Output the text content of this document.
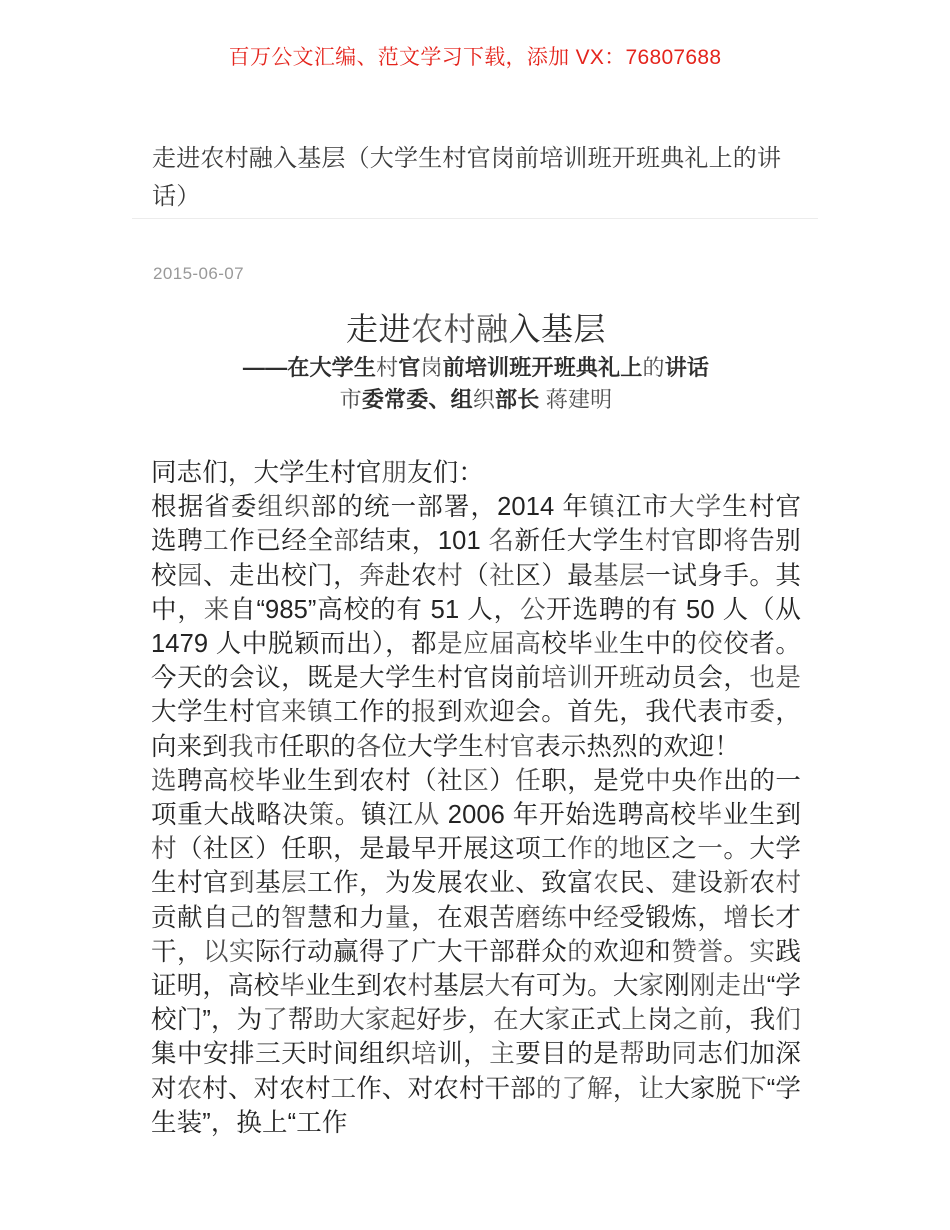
百万公文汇编、范文学习下载，添加 VX：76807688
走进农村融入基层（大学生村官岗前培训班开班典礼上的讲话）
2015-06-07
走进农村融入基层
——在大学生村官岗前培训班开班典礼上的讲话
市委常委、组织部长 蒋建明

同志们，大学生村官朋友们：

根据省委组织部的统一部署，2014 年镇江市大学生村官选聘工作已经全部结束，101 名新任大学生村官即将告别校园、走出校门，奔赴农村（社区）最基层一试身手。其中，来自“985”高校的有 51 人，公开选聘的有 50 人（从 1479 人中脱颖而出），都是应届高校毕业生中的佼佼者。今天的会议，既是大学生村官岗前培训开班动员会，也是大学生村官来镇工作的报到欢迎会。首先，我代表市委，向来到我市任职的各位大学生村官表示热烈的欢迎！

选聘高校毕业生到农村（社区）任职，是党中央作出的一项重大战略决策。镇江从 2006 年开始选聘高校毕业生到村（社区）任职，是最早开展这项工作的地区之一。大学生村官到基层工作，为发展农业、致富农民、建设新农村贡献自己的智慧和力量，在艰苦磨练中经受锻炼，增长才干，以实际行动赢得了广大干部群众的欢迎和赞誉。实践证明，高校毕业生到农村基层大有可为。大家刚刚走出“学校门”，为了帮助大家起好步，在大家正式上岗之前，我们集中安排三天时间组织培训，主要目的是帮助同志们加深对农村、对农村工作、对农村干部的了解，让大家脱下“学生装”，换上“工作
